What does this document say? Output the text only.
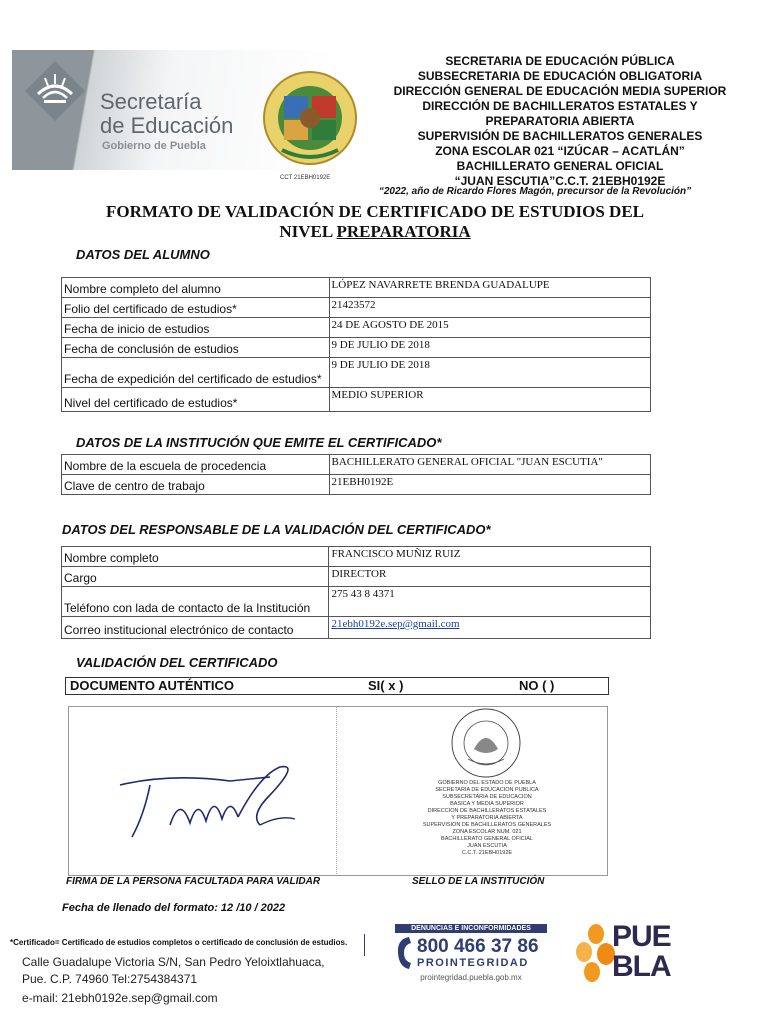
Secretaría
de Educación
Gobierno de Puebla
CCT 21EBH0192E
SECRETARIA DE EDUCACIÓN PÚBLICA
SUBSECRETARIA DE EDUCACIÓN OBLIGATORIA
DIRECCIÓN GENERAL DE EDUCACIÓN MEDIA SUPERIOR
DIRECCIÓN DE BACHILLERATOS ESTATALES Y
PREPARATORIA ABIERTA
SUPERVISIÓN DE BACHILLERATOS GENERALES
ZONA ESCOLAR 021 “IZÚCAR – ACATLÁN”
BACHILLERATO GENERAL OFICIAL
“JUAN ESCUTIA”C.C.T. 21EBH0192E
“2022, año de Ricardo Flores Magón, precursor de la Revolución”
FORMATO DE VALIDACIÓN DE CERTIFICADO DE ESTUDIOS DEL
NIVEL PREPARATORIA
DATOS DEL ALUMNO
Nombre completo del alumno	LÓPEZ NAVARRETE BRENDA GUADALUPE
Folio del certificado de estudios*	21423572
Fecha de inicio de estudios	24 DE AGOSTO DE 2015
Fecha de conclusión de estudios	9 DE JULIO DE 2018
Fecha de expedición del certificado de estudios*	9 DE JULIO DE 2018
Nivel del certificado de estudios*	MEDIO SUPERIOR
DATOS DE LA INSTITUCIÓN QUE EMITE EL CERTIFICADO*
Nombre de la escuela de procedencia	BACHILLERATO GENERAL OFICIAL "JUAN ESCUTIA"
Clave de centro de trabajo	21EBH0192E
DATOS DEL RESPONSABLE DE LA VALIDACIÓN DEL CERTIFICADO*
Nombre completo	FRANCISCO MUÑIZ RUIZ
Cargo	DIRECTOR
Teléfono con lada de contacto de la Institución	275 43 8 4371
Correo institucional electrónico de contacto	21ebh0192e.sep@gmail.com
VALIDACIÓN DEL CERTIFICADO
DOCUMENTO AUTÉNTICO	SI( x )	NO ( )
GOBIERNO DEL ESTADO DE PUEBLA
SECRETARIA DE EDUCACION PUBLICA
SUBSECRETARIA DE EDUCACION
BASICA Y MEDIA SUPERIOR
DIRECCION DE BACHILLERATOS ESTATALES
Y PREPARATORIA ABIERTA
SUPERVISION DE BACHILLERATOS GENERALES
ZONA ESCOLAR NUM. 021
BACHILLERATO GENERAL OFICIAL
JUAN ESCUTIA
C.C.T. 21EBH0192E
FIRMA DE LA PERSONA FACULTADA PARA VALIDAR	SELLO DE LA INSTITUCIÓN
Fecha de llenado del formato: 12 /10 / 2022
*Certificado= Certificado de estudios completos o certificado de conclusión de estudios.
Calle Guadalupe Victoria S/N, San Pedro Yeloixtlahuaca,
Pue. C.P. 74960 Tel:2754384371
e-mail: 21ebh0192e.sep@gmail.com
DENUNCIAS E INCONFORMIDADES
800 466 37 86
PROINTEGRIDAD
prointegridad.puebla.gob.mx
PUE
BLA
